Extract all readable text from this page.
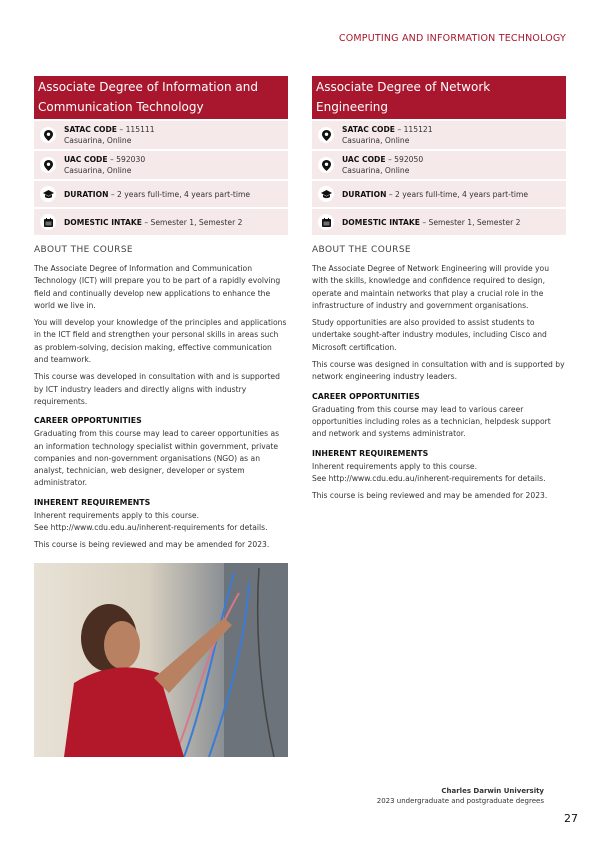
COMPUTING AND INFORMATION TECHNOLOGY
Associate Degree of Information and Communication Technology
SATAC CODE – 115111
Casuarina, Online
UAC CODE – 592030
Casuarina, Online
DURATION – 2 years full-time, 4 years part-time
DOMESTIC INTAKE – Semester 1, Semester 2
ABOUT THE COURSE

The Associate Degree of Information and Communication Technology (ICT) will prepare you to be part of a rapidly evolving field and continually develop new applications to enhance the world we live in.

You will develop your knowledge of the principles and applications in the ICT field and strengthen your personal skills in areas such as problem-solving, decision making, effective communication and teamwork.

This course was developed in consultation with and is supported by ICT industry leaders and directly aligns with industry requirements.

CAREER OPPORTUNITIES

Graduating from this course may lead to career opportunities as an information technology specialist within government, private companies and non-government organisations (NGO) as an analyst, technician, web designer, developer or system administrator.

INHERENT REQUIREMENTS

Inherent requirements apply to this course.

See http://www.cdu.edu.au/inherent-requirements for details.

This course is being reviewed and may be amended for 2023.

Associate Degree of Network Engineering
SATAC CODE – 115121
Casuarina, Online
UAC CODE – 592050
Casuarina, Online
DURATION – 2 years full-time, 4 years part-time
DOMESTIC INTAKE – Semester 1, Semester 2
ABOUT THE COURSE

The Associate Degree of Network Engineering will provide you with the skills, knowledge and confidence required to design, operate and maintain networks that play a crucial role in the infrastructure of industry and government organisations.

Study opportunities are also provided to assist students to undertake sought-after industry modules, including Cisco and Microsoft certification.

This course was designed in consultation with and is supported by network engineering industry leaders.

CAREER OPPORTUNITIES

Graduating from this course may lead to various career opportunities including roles as a technician, helpdesk support and network and systems administrator.

INHERENT REQUIREMENTS

Inherent requirements apply to this course.

See http://www.cdu.edu.au/inherent-requirements for details.

This course is being reviewed and may be amended for 2023.

Charles Darwin University
2023 undergraduate and postgraduate degrees
27
